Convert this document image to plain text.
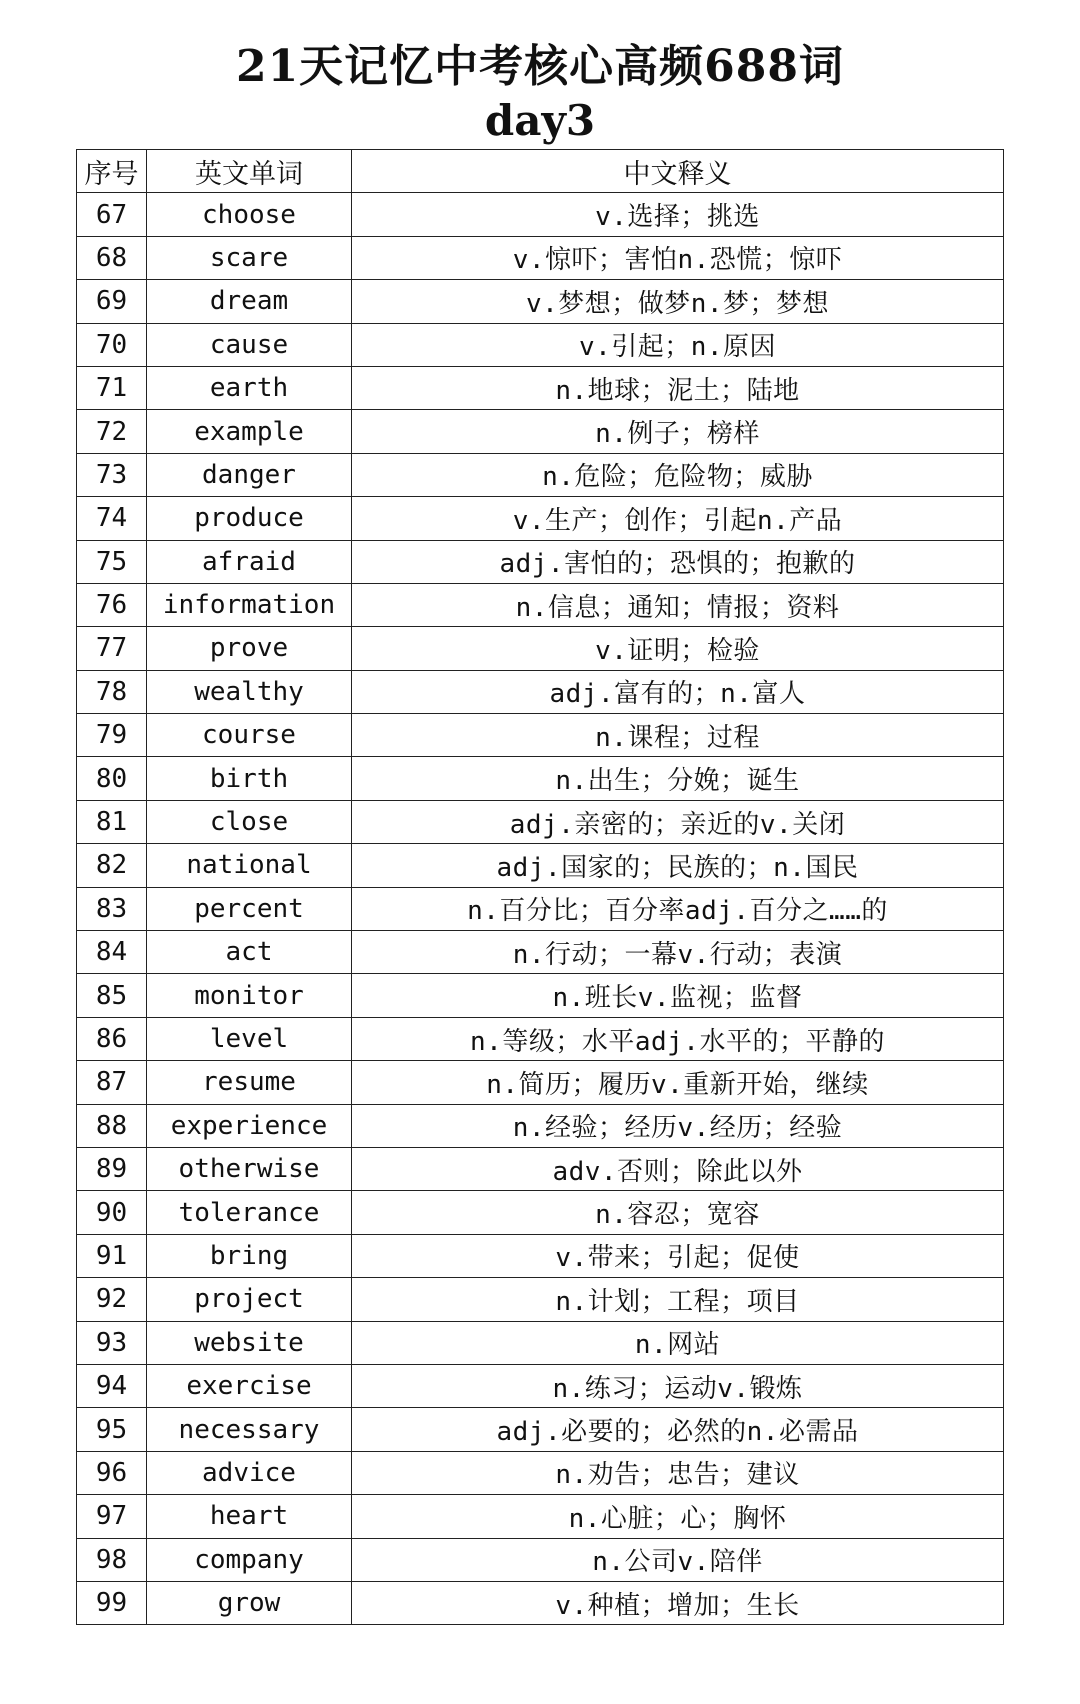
21天记忆中考核心高频688词
day3
序号	英文单词	中文释义
67	choose	v.选择；挑选
68	scare	v.惊吓；害怕n.恐慌；惊吓
69	dream	v.梦想；做梦n.梦；梦想
70	cause	v.引起；n.原因
71	earth	n.地球；泥土；陆地
72	example	n.例子；榜样
73	danger	n.危险；危险物；威胁
74	produce	v.生产；创作；引起n.产品
75	afraid	adj.害怕的；恐惧的；抱歉的
76	information	n.信息；通知；情报；资料
77	prove	v.证明；检验
78	wealthy	adj.富有的；n.富人
79	course	n.课程；过程
80	birth	n.出生；分娩；诞生
81	close	adj.亲密的；亲近的v.关闭
82	national	adj.国家的；民族的；n.国民
83	percent	n.百分比；百分率adj.百分之……的
84	act	n.行动；一幕v.行动；表演
85	monitor	n.班长v.监视；监督
86	level	n.等级；水平adj.水平的；平静的
87	resume	n.简历；履历v.重新开始，继续
88	experience	n.经验；经历v.经历；经验
89	otherwise	adv.否则；除此以外
90	tolerance	n.容忍；宽容
91	bring	v.带来；引起；促使
92	project	n.计划；工程；项目
93	website	n.网站
94	exercise	n.练习；运动v.锻炼
95	necessary	adj.必要的；必然的n.必需品
96	advice	n.劝告；忠告；建议
97	heart	n.心脏；心；胸怀
98	company	n.公司v.陪伴
99	grow	v.种植；增加；生长
